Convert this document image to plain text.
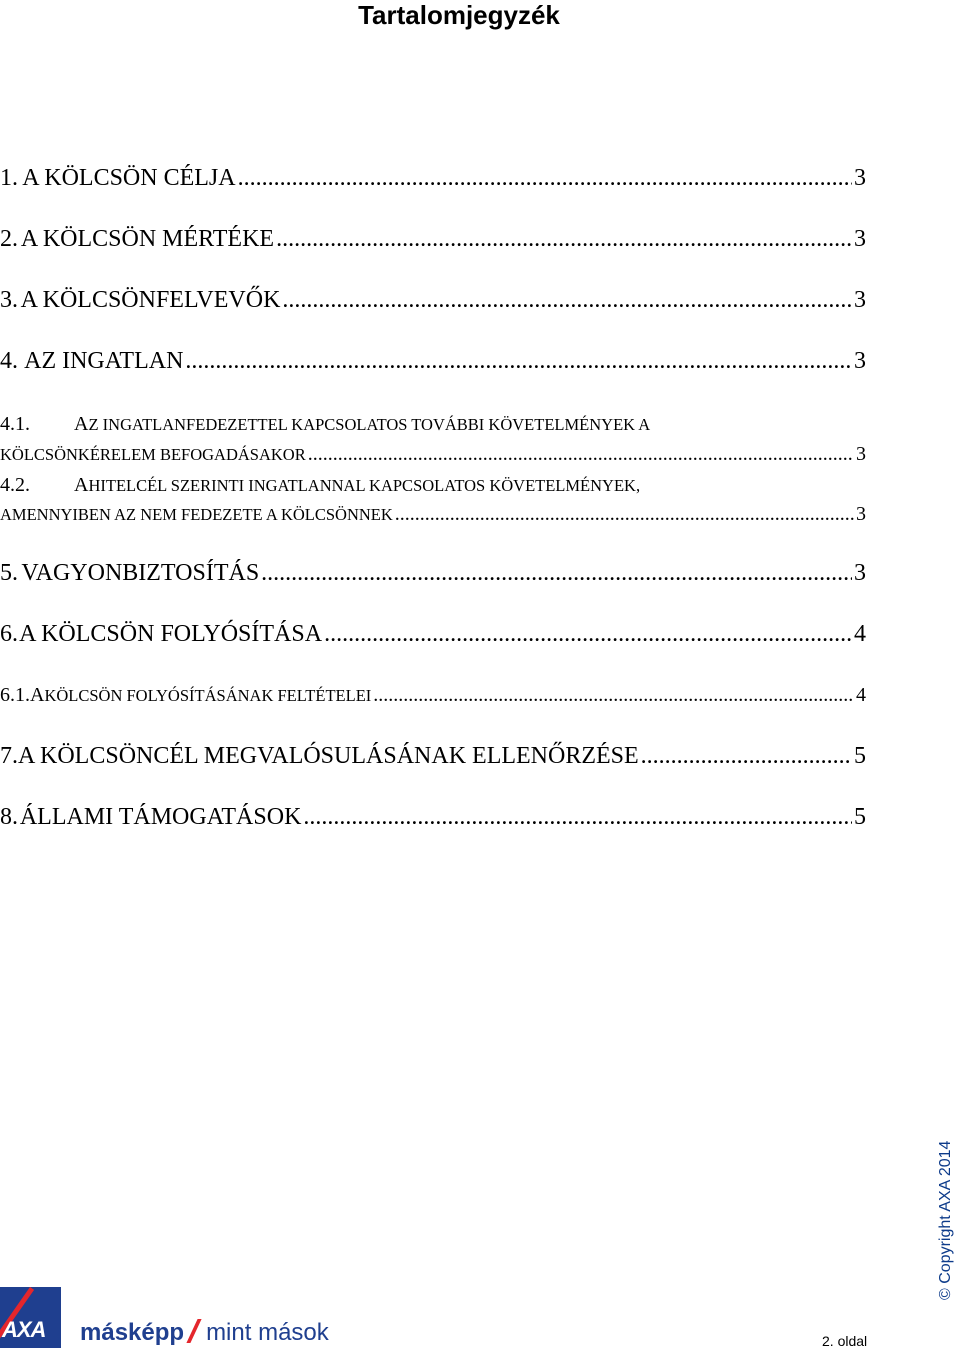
Tartalomjegyzék
1. A KÖLCSÖN CÉLJA .....	3
2. A KÖLCSÖN MÉRTÉKE .....	3
3. A KÖLCSÖNFELVEVŐK .....	3
4. AZ INGATLAN .....	3
4.1.	A Z INGATLANFEDEZETTEL KAPCSOLATOS TOVÁBBI KÖVETELMÉNYEK A
KÖLCSÖNKÉRELEM BEFOGADÁSAKOR .....	3
4.2.	A HITELCÉL SZERINTI INGATLANNAL KAPCSOLATOS KÖVETELMÉNYEK,
AMENNYIBEN AZ NEM FEDEZETE A KÖLCSÖNNEK .....	3
5. VAGYONBIZTOSÍTÁS .....	3
6. A KÖLCSÖN FOLYÓSÍTÁSA .....	4
6.1. A KÖLCSÖN FOLYÓSÍTÁSÁNAK FELTÉTELEI .....	4
7. A KÖLCSÖNCÉL MEGVALÓSULÁSÁNAK ELLENŐRZÉSE .....	5
8. ÁLLAMI TÁMOGATÁSOK .....	5
© Copyright AXA 2014
AXA másképp mint mások	2. oldal
